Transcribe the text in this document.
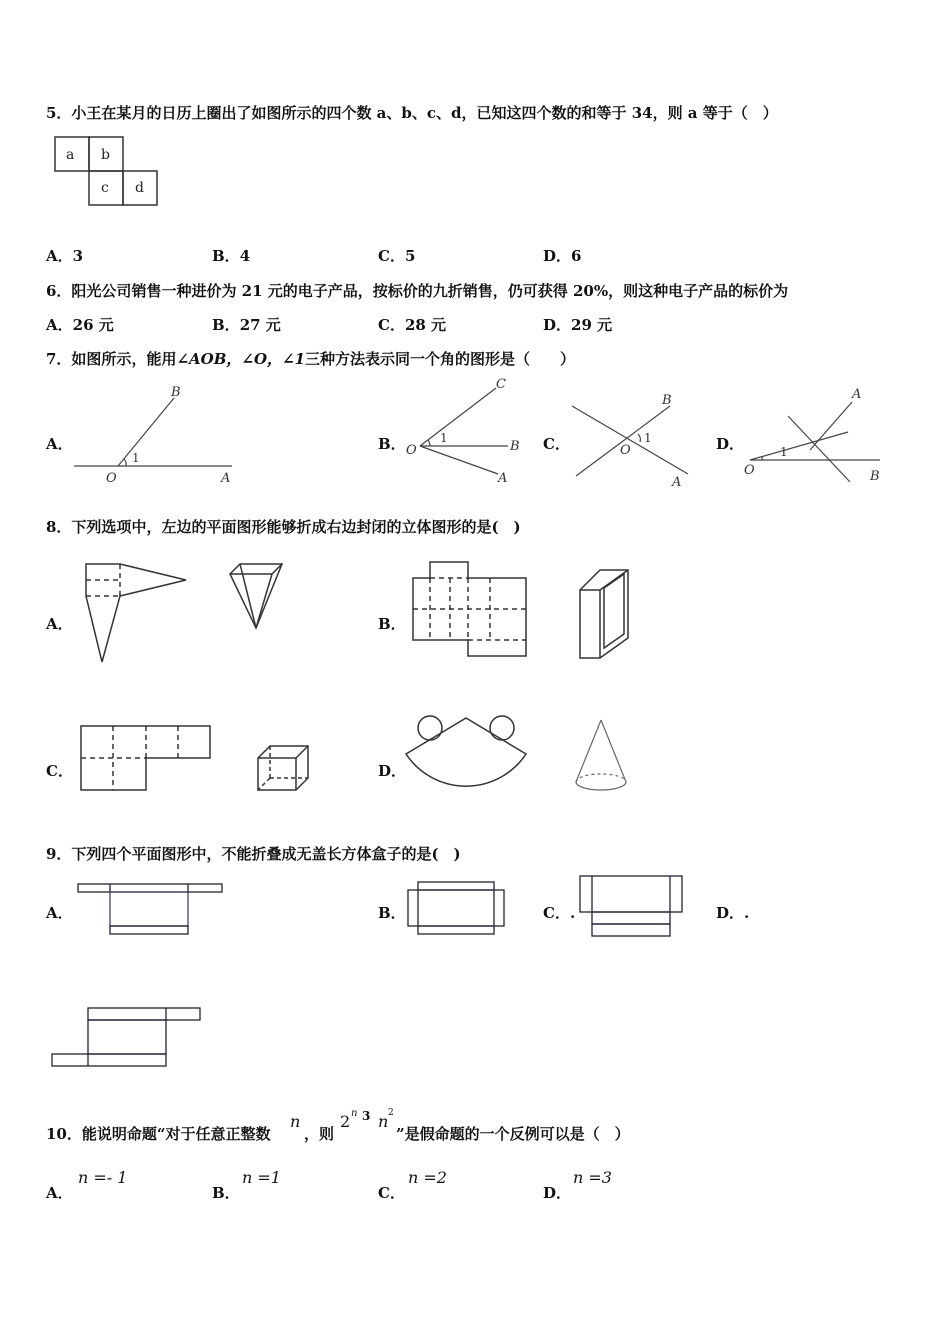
5．小王在某月的日历上圈出了如图所示的四个数 a、b、c、d，已知这四个数的和等于 34，则 a 等于（　）
a b
c d
A．3	B．4	C．5	D．6
6．阳光公司销售一种进价为 21 元的电子产品，按标价的九折销售，仍可获得 20%，则这种电子产品的标价为
A．26 元	B．27 元	C．28 元	D．29 元
7．如图所示，能用∠AOB，∠O，∠1三种方法表示同一个角的图形是（　　）
A．
B
O	A
1
B．
C
O	B
A
1	C．
B
O
A
1	D．
A
O	B
1
8．下列选项中，左边的平面图形能够折成右边封闭的立体图形的是(　)
A．	B．
C．	D．
9．下列四个平面图形中，不能折叠成无盖长方体盒子的是(　)
A．	B．	C．.	D．.
10．能说明命题“对于任意正整数
n
，则
2 n 3 n 2
”是假命题的一个反例可以是（　）
A．
n =- 1
B．
n =1
C．
n =2
D．
n =3
